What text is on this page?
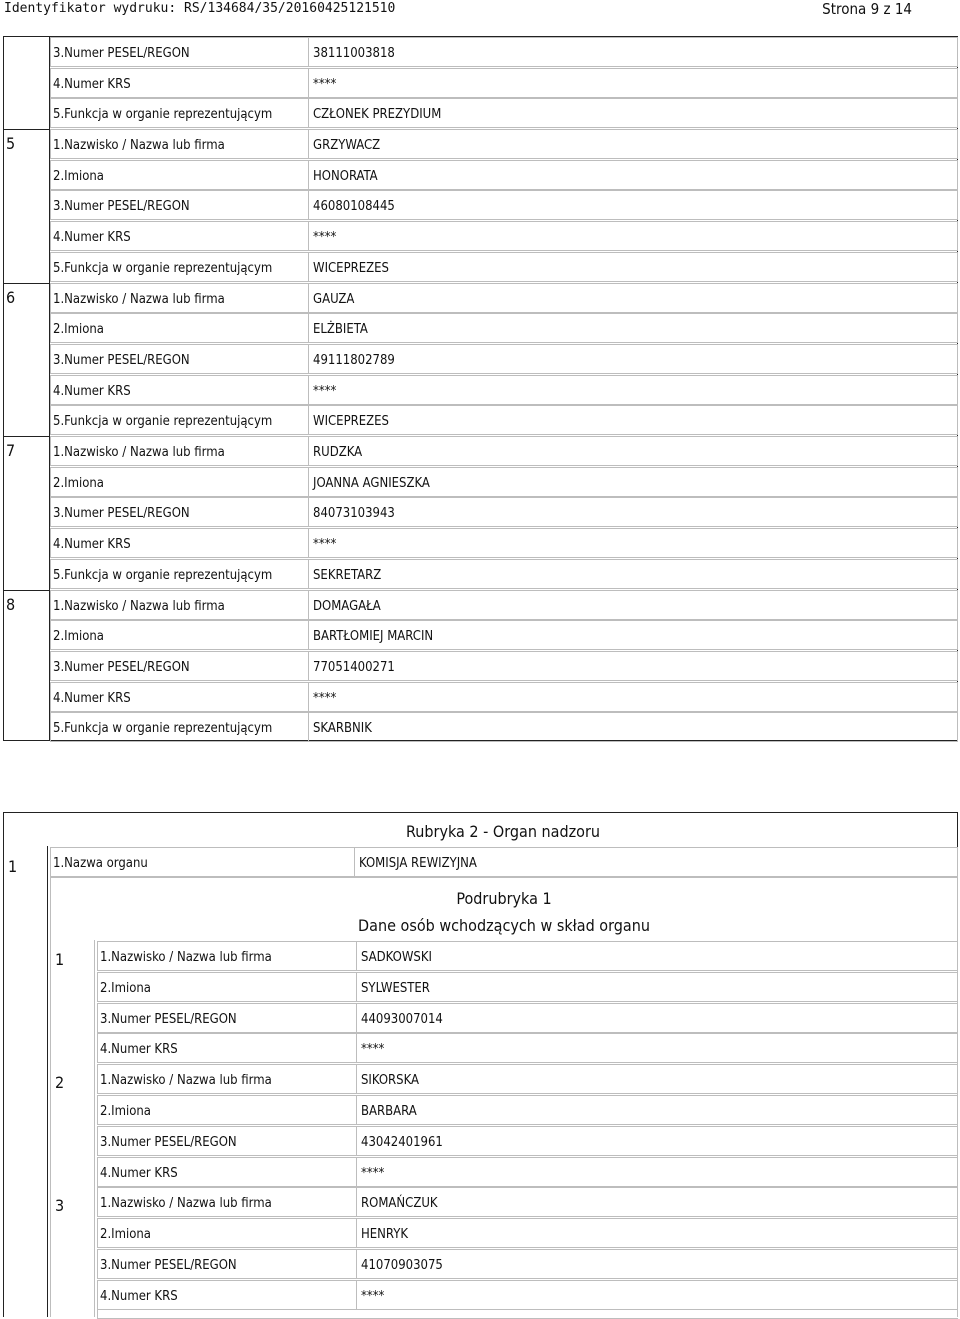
Identyfikator wydruku: RS/134684/35/20160425121510	Strona 9 z 14
3.Numer PESEL/REGON	38111003818
4.Numer KRS	****
5.Funkcja w organie reprezentującym	CZŁONEK PREZYDIUM
5	1.Nazwisko / Nazwa lub firma	GRZYWACZ
2.Imiona	HONORATA
3.Numer PESEL/REGON	46080108445
4.Numer KRS	****
5.Funkcja w organie reprezentującym	WICEPREZES
6	1.Nazwisko / Nazwa lub firma	GAUZA
2.Imiona	ELŻBIETA
3.Numer PESEL/REGON	49111802789
4.Numer KRS	****
5.Funkcja w organie reprezentującym	WICEPREZES
7	1.Nazwisko / Nazwa lub firma	RUDZKA
2.Imiona	JOANNA AGNIESZKA
3.Numer PESEL/REGON	84073103943
4.Numer KRS	****
5.Funkcja w organie reprezentującym	SEKRETARZ
8	1.Nazwisko / Nazwa lub firma	DOMAGAŁA
2.Imiona	BARTŁOMIEJ MARCIN
3.Numer PESEL/REGON	77051400271
4.Numer KRS	****
5.Funkcja w organie reprezentującym	SKARBNIK
Rubryka 2 - Organ nadzoru
1	1.Nazwa organu	KOMISJA REWIZYJNA
Podrubryka 1
Dane osób wchodzących w skład organu
1	1.Nazwisko / Nazwa lub firma	SADKOWSKI
2.Imiona	SYLWESTER
3.Numer PESEL/REGON	44093007014
4.Numer KRS	****
2	1.Nazwisko / Nazwa lub firma	SIKORSKA
2.Imiona	BARBARA
3.Numer PESEL/REGON	43042401961
4.Numer KRS	****
3	1.Nazwisko / Nazwa lub firma	ROMAŃCZUK
2.Imiona	HENRYK
3.Numer PESEL/REGON	41070903075
4.Numer KRS	****
